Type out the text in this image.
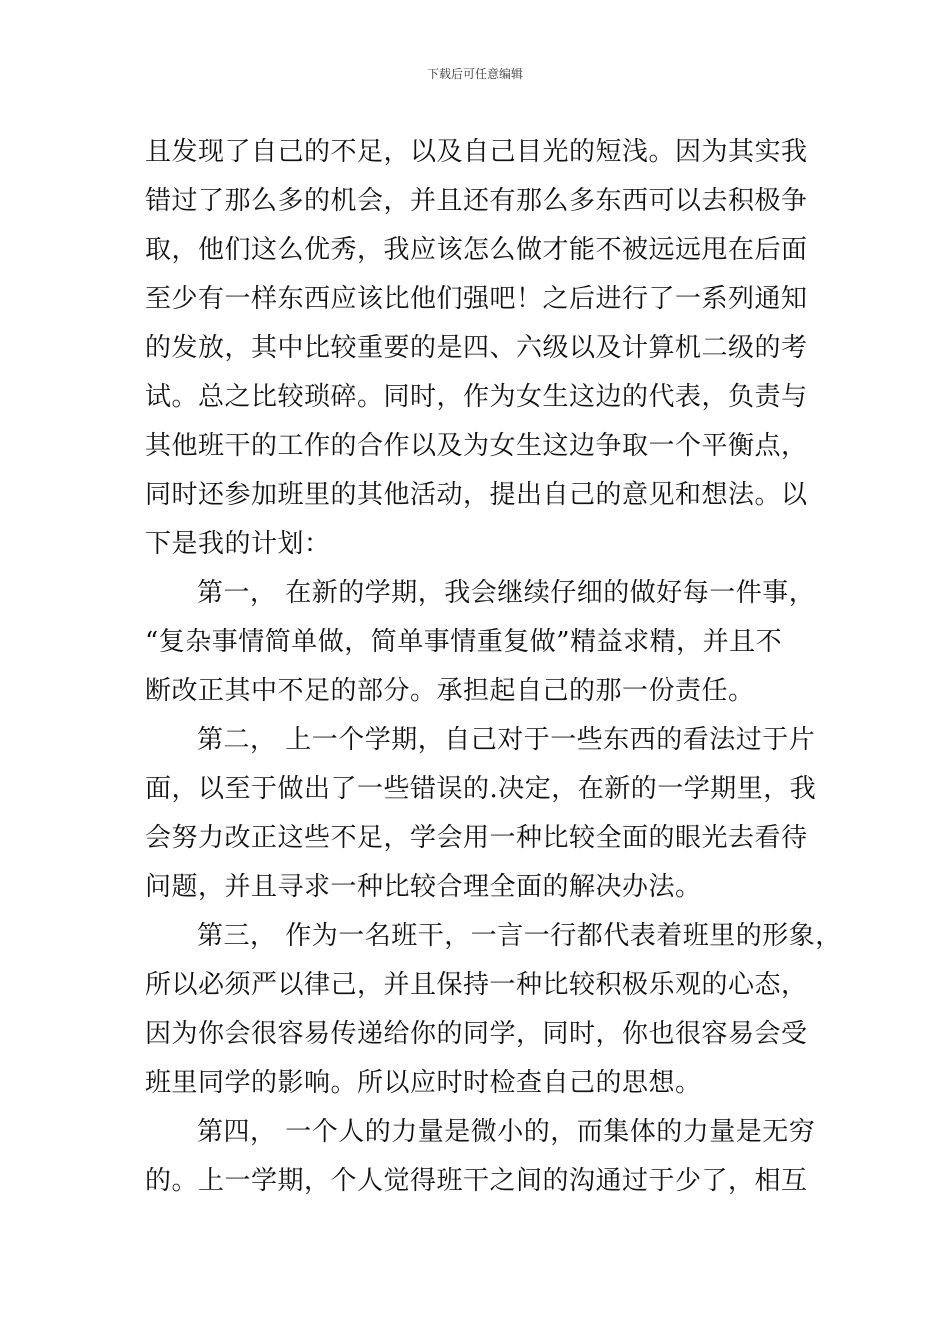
下载后可任意编辑
且发现了自己的不足，以及自己目光的短浅。因为其实我
错过了那么多的机会，并且还有那么多东西可以去积极争
取，他们这么优秀，我应该怎么做才能不被远远甩在后面
至少有一样东西应该比他们强吧！之后进行了一系列通知
的发放，其中比较重要的是四、六级以及计算机二级的考
试。总之比较琐碎。同时，作为女生这边的代表，负责与
其他班干的工作的合作以及为女生这边争取一个平衡点，
同时还参加班里的其他活动，提出自己的意见和想法。以
下是我的计划：
第一， 在新的学期，我会继续仔细的做好每一件事，
“复杂事情简单做，简单事情重复做”精益求精，并且不
断改正其中不足的部分。承担起自己的那一份责任。
第二， 上一个学期，自己对于一些东西的看法过于片
面，以至于做出了一些错误的.决定，在新的一学期里，我
会努力改正这些不足，学会用一种比较全面的眼光去看待
问题，并且寻求一种比较合理全面的解决办法。
第三， 作为一名班干，一言一行都代表着班里的形象，
所以必须严以律己，并且保持一种比较积极乐观的心态，
因为你会很容易传递给你的同学，同时，你也很容易会受
班里同学的影响。所以应时时检查自己的思想。
第四， 一个人的力量是微小的，而集体的力量是无穷
的。上一学期，个人觉得班干之间的沟通过于少了，相互
